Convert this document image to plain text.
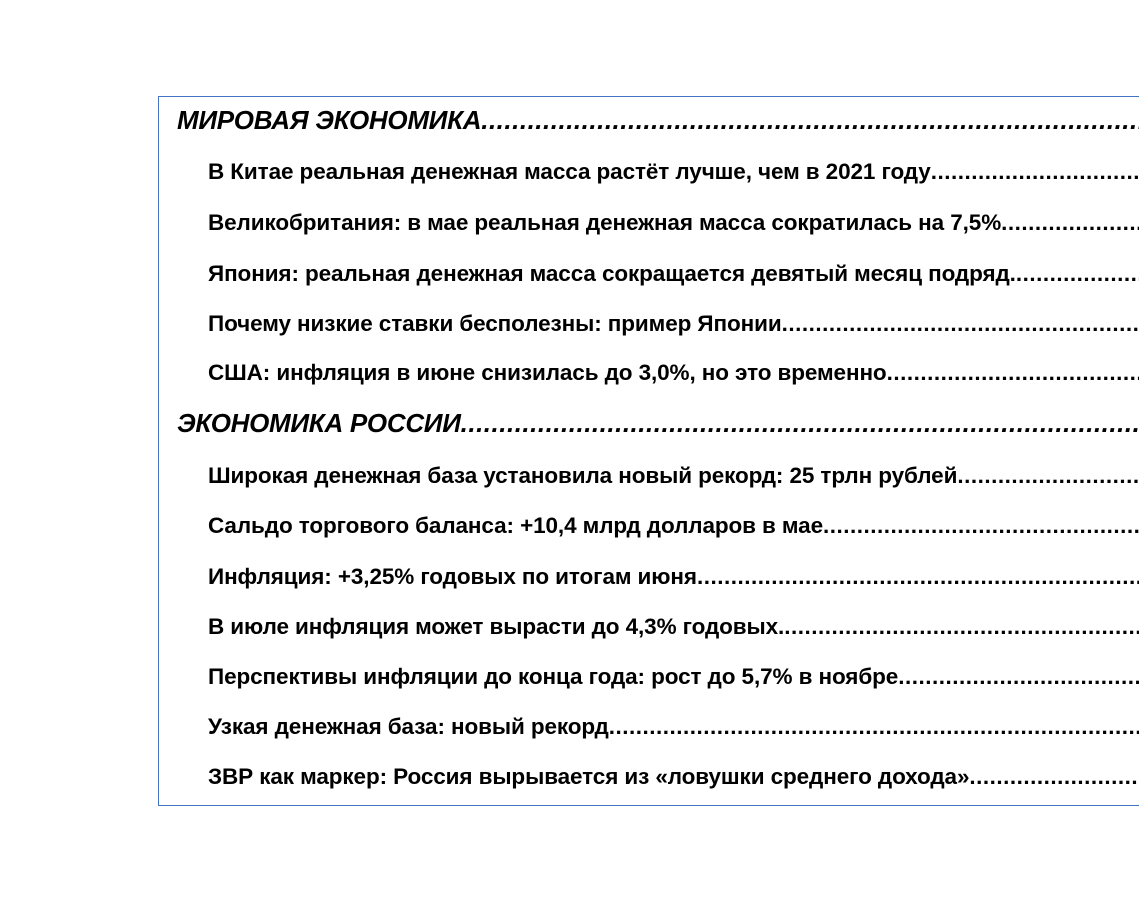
МИРОВАЯ ЭКОНОМИКА
.....
В Китае реальная денежная масса растёт лучше, чем в 2021 году
.....
Великобритания: в мае реальная денежная масса сократилась на 7,5%
.....
Япония: реальная денежная масса сокращается девятый месяц подряд.
.....
Почему низкие ставки бесполезны: пример Японии
.....
США: инфляция в июне снизилась до 3,0%, но это временно
.....
ЭКОНОМИКА РОССИИ
.....
Широкая денежная база установила новый рекорд: 25 трлн рублей
.....
Сальдо торгового баланса: +10,4 млрд долларов в мае
.....
Инфляция: +3,25% годовых по итогам июня
.....
В июле инфляция может вырасти до 4,3% годовых.
.....
Перспективы инфляции до конца года: рост до 5,7% в ноябре
.....
Узкая денежная база: новый рекорд
.....
ЗВР как маркер: Россия вырывается из «ловушки среднего дохода»
.....
